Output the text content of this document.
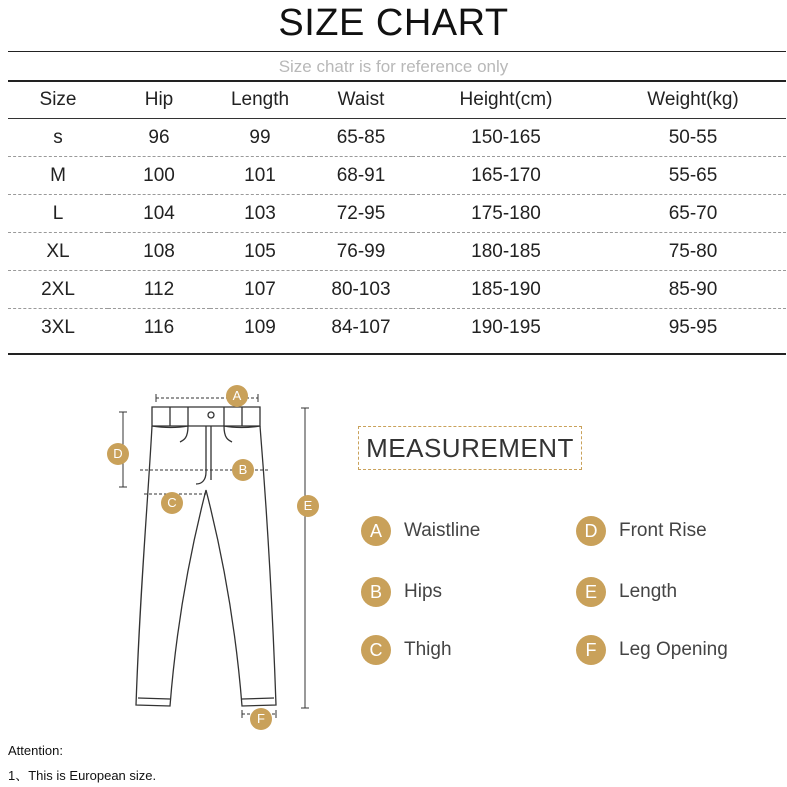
SIZE CHART
Size chatr is for reference only
Size	Hip	Length	Waist	Height(cm)	Weight(kg)
s	96	99	65-85	150-165	50-55
M	100	101	68-91	165-170	55-65
L	104	103	72-95	175-180	65-70
XL	108	105	76-99	180-185	75-80
2XL	112	107	80-103	185-190	85-90
3XL	116	109	84-107	190-195	95-95
A
B
C
D
E
F
MEASUREMENT
A	Waistline	D	Front Rise
B	Hips	E	Length
C	Thigh	F	Leg Opening
Attention:
1、This is European size.
